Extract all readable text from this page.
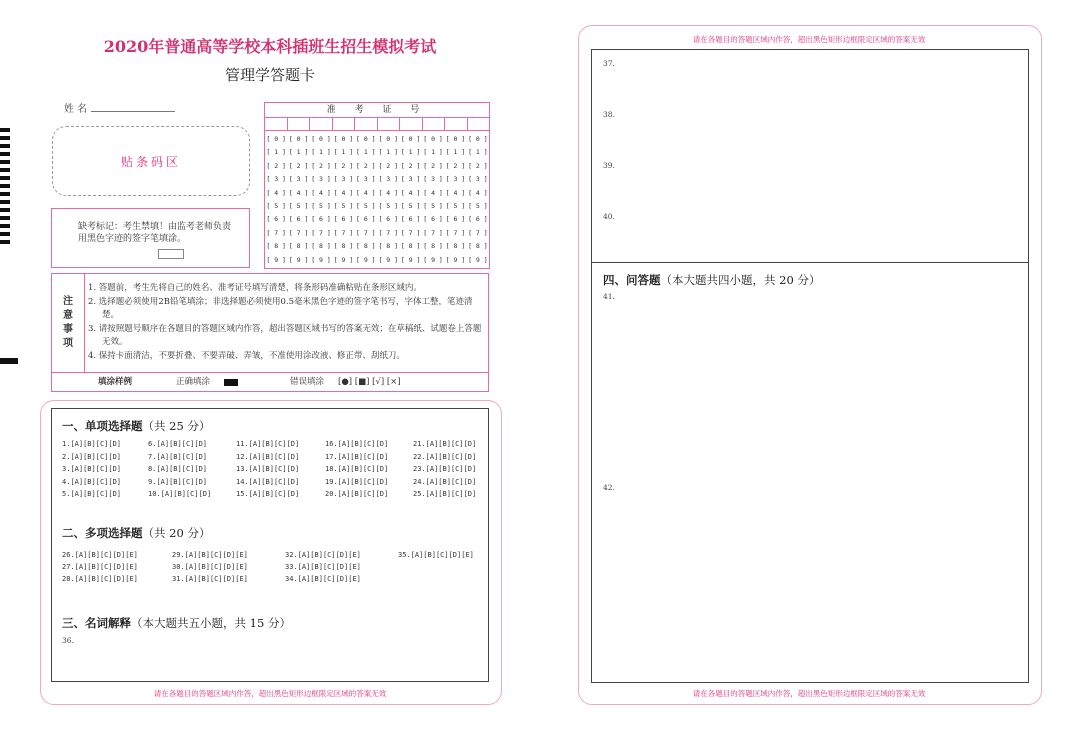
2020年普通高等学校本科插班生招生模拟考试
管理学答题卡
姓 名
贴条码区
缺考标记：考生禁填！由监考老师负责用黑色字迹的签字笔填涂。
准 考 证 号
[ 0 ]
[ 1 ]
[ 2 ]
[ 3 ]
[ 4 ]
[ 5 ]
[ 6 ]
[ 7 ]
[ 8 ]
[ 9 ]
[ 0 ]
[ 1 ]
[ 2 ]
[ 3 ]
[ 4 ]
[ 5 ]
[ 6 ]
[ 7 ]
[ 8 ]
[ 9 ]
[ 0 ]
[ 1 ]
[ 2 ]
[ 3 ]
[ 4 ]
[ 5 ]
[ 6 ]
[ 7 ]
[ 8 ]
[ 9 ]
[ 0 ]
[ 1 ]
[ 2 ]
[ 3 ]
[ 4 ]
[ 5 ]
[ 6 ]
[ 7 ]
[ 8 ]
[ 9 ]
[ 0 ]
[ 1 ]
[ 2 ]
[ 3 ]
[ 4 ]
[ 5 ]
[ 6 ]
[ 7 ]
[ 8 ]
[ 9 ]
[ 0 ]
[ 1 ]
[ 2 ]
[ 3 ]
[ 4 ]
[ 5 ]
[ 6 ]
[ 7 ]
[ 8 ]
[ 9 ]
[ 0 ]
[ 1 ]
[ 2 ]
[ 3 ]
[ 4 ]
[ 5 ]
[ 6 ]
[ 7 ]
[ 8 ]
[ 9 ]
[ 0 ]
[ 1 ]
[ 2 ]
[ 3 ]
[ 4 ]
[ 5 ]
[ 6 ]
[ 7 ]
[ 8 ]
[ 9 ]
[ 0 ]
[ 1 ]
[ 2 ]
[ 3 ]
[ 4 ]
[ 5 ]
[ 6 ]
[ 7 ]
[ 8 ]
[ 9 ]
[ 0 ]
[ 1 ]
[ 2 ]
[ 3 ]
[ 4 ]
[ 5 ]
[ 6 ]
[ 7 ]
[ 8 ]
[ 9 ]
注
意
事
项
1. 答题前，考生先将自己的姓名、准考证号填写清楚，将条形码准确粘贴在条形区域内。
2. 选择题必须使用2B铅笔填涂；非选择题必须使用0.5毫米黑色字迹的签字笔书写，字体工整，笔迹清楚。
3. 请按照题号顺序在各题目的答题区域内作答，超出答题区域书写的答案无效；在草稿纸、试题卷上答题无效。
4. 保持卡面清洁，不要折叠、不要弄破、弄皱，不准使用涂改液、修正带、刮纸刀。
填涂样例	正确填涂	错误填涂 [●] [■] [√] [×]
一、单项选择题（共 25 分）
1.[A][B][C][D]
2.[A][B][C][D]
3.[A][B][C][D]
4.[A][B][C][D]
5.[A][B][C][D]
6.[A][B][C][D]
7.[A][B][C][D]
8.[A][B][C][D]
9.[A][B][C][D]
10.[A][B][C][D]
11.[A][B][C][D]
12.[A][B][C][D]
13.[A][B][C][D]
14.[A][B][C][D]
15.[A][B][C][D]
16.[A][B][C][D]
17.[A][B][C][D]
18.[A][B][C][D]
19.[A][B][C][D]
20.[A][B][C][D]
21.[A][B][C][D]
22.[A][B][C][D]
23.[A][B][C][D]
24.[A][B][C][D]
25.[A][B][C][D]
二、多项选择题（共 20 分）
26.[A][B][C][D][E]
27.[A][B][C][D][E]
28.[A][B][C][D][E]
29.[A][B][C][D][E]
30.[A][B][C][D][E]
31.[A][B][C][D][E]
32.[A][B][C][D][E]
33.[A][B][C][D][E]
34.[A][B][C][D][E]
35.[A][B][C][D][E]
三、名词解释（本大题共五小题，共 15 分）
36.
请在各题目的答题区域内作答，超出黑色矩形边框限定区域的答案无效
请在各题目的答题区域内作答，超出黑色矩形边框限定区域的答案无效
37.
38.
39.
40.
四、问答题（本大题共四小题，共 20 分）
41.
42.
请在各题目的答题区域内作答，超出黑色矩形边框限定区域的答案无效
